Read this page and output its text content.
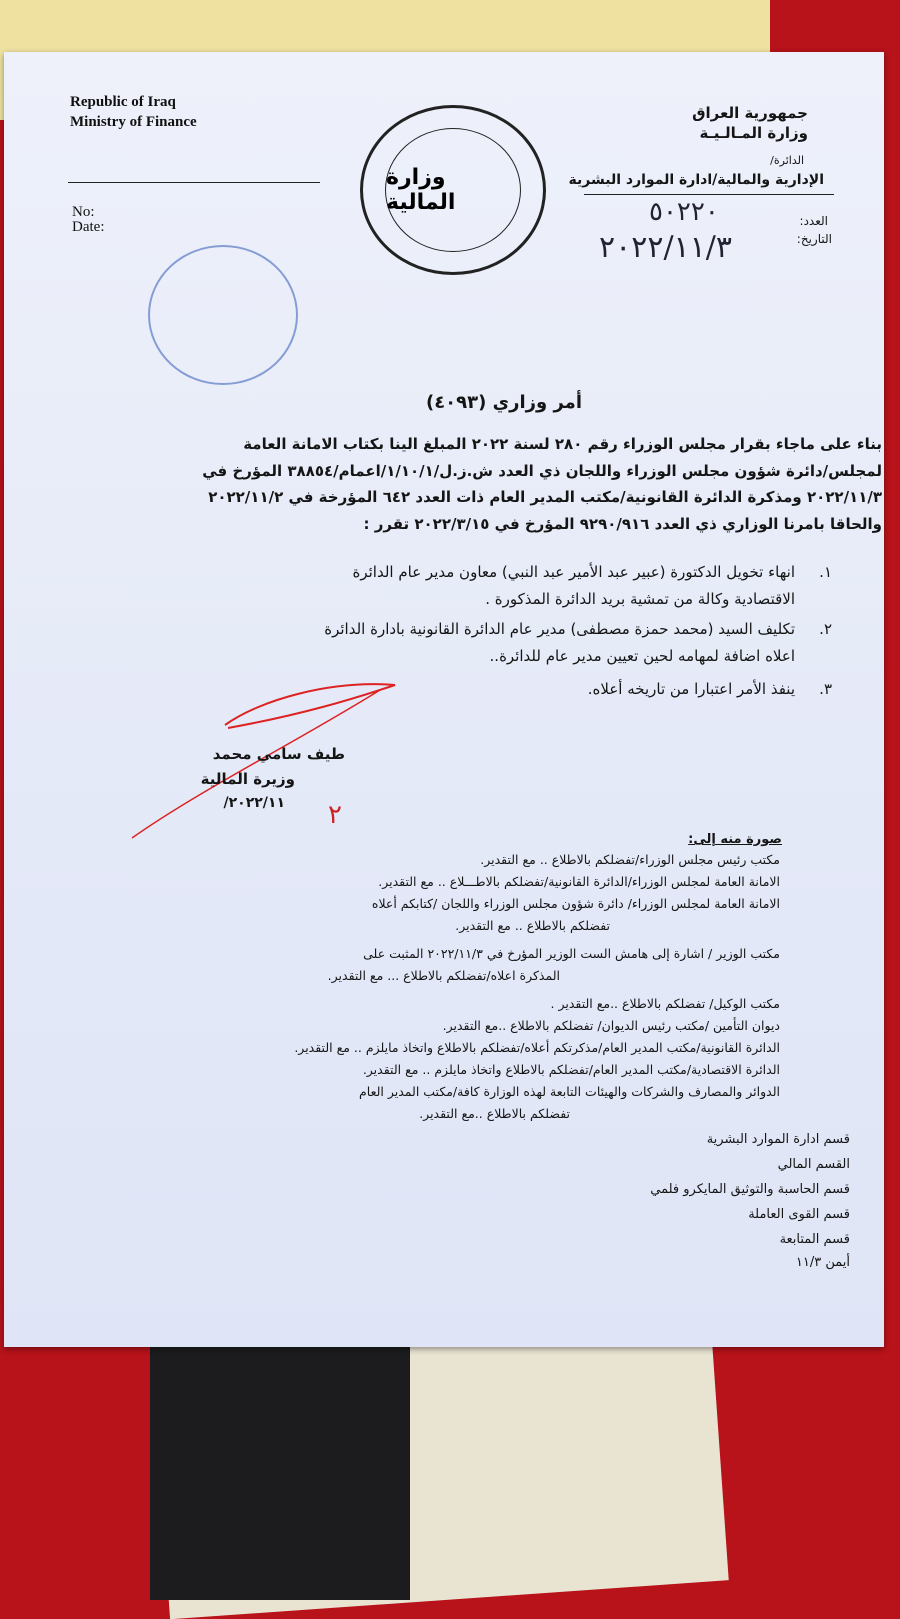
Republic of Iraq
Ministry of Finance
No:
Date:
جمهورية العراق
وزارة المـالـيـة
الدائرة/
الإدارية والمالية/ادارة الموارد البشرية
العدد:
التاريخ:
٥٠٢٢٠
٢٠٢٢/١١/٣
وزارة المالية
أمر وزاري (٤٠٩٣)
بناء على ماجاء بقرار مجلس الوزراء رقم ٢٨٠ لسنة ٢٠٢٢ المبلغ الينا بكتاب الامانة العامة
لمجلس/دائرة شؤون مجلس الوزراء واللجان ذي العدد ش.ز.ل/١/١٠/١/اعمام/٣٨٨٥٤ المؤرخ في
٢٠٢٢/١١/٣ ومذكرة الدائرة القانونية/مكتب المدير العام ذات العدد ٦٤٢ المؤرخة في ٢٠٢٢/١١/٢
والحاقا بامرنا الوزاري ذي العدد ٩٢٩٠/٩١٦ المؤرخ في ٢٠٢٢/٣/١٥ تقرر :
١.
انهاء تخويل الدكتورة (عبير عبد الأمير عبد النبي) معاون مدير عام الدائرة
الاقتصادية وكالة من تمشية بريد الدائرة المذكورة .
٢.
تكليف السيد (محمد حمزة مصطفى) مدير عام الدائرة القانونية بادارة الدائرة
اعلاه اضافة لمهامه لحين تعيين مدير عام للدائرة..
٣.
ينفذ الأمر اعتبارا من تاريخه أعلاه.
طيف سامي محمد
وزيرة المالية
٢٠٢٢/١١/ ٢
صورة منه إلى:
مكتب رئيس مجلس الوزراء/تفضلكم بالاطلاع .. مع التقدير.
الامانة العامة لمجلس الوزراء/الدائرة القانونية/تفضلكم بالاطـــلاع .. مع التقدير.
الامانة العامة لمجلس الوزراء/ دائرة شؤون مجلس الوزراء واللجان /كتابكم أعلاه
تفضلكم بالاطلاع .. مع التقدير.
مكتب الوزير / اشارة إلى هامش الست الوزير المؤرخ في ٢٠٢٢/١١/٣ المثبت على
المذكرة اعلاه/تفضلكم بالاطلاع ... مع التقدير.
مكتب الوكيل/ تفضلكم بالاطلاع ..مع التقدير .
ديوان التأمين /مكتب رئيس الديوان/ تفضلكم بالاطلاع ..مع التقدير.
الدائرة القانونية/مكتب المدير العام/مذكرتكم أعلاه/تفضلكم بالاطلاع واتخاذ مايلزم .. مع التقدير.
الدائرة الاقتصادية/مكتب المدير العام/تفضلكم بالاطلاع واتخاذ مايلزم .. مع التقدير.
الدوائر والمصارف والشركات والهيئات التابعة لهذه الوزارة كافة/مكتب المدير العام
تفضلكم بالاطلاع ..مع التقدير.
قسم ادارة الموارد البشرية
القسم المالي
قسم الحاسبة والتوثيق المايكرو فلمي
قسم القوى العاملة
قسم المتابعة
أيمن ١١/٣
